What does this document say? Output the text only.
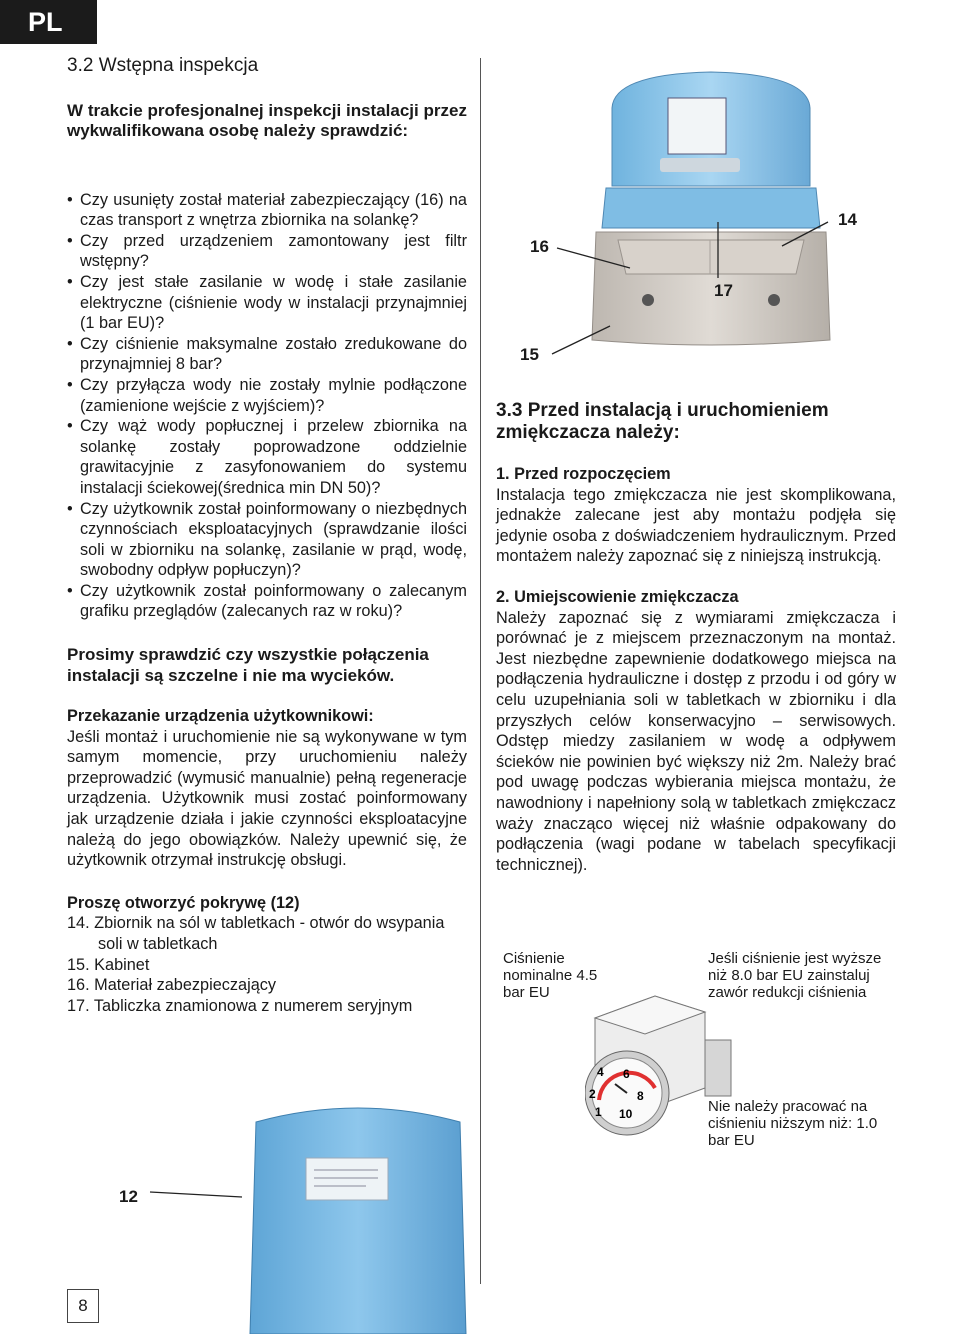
PL
3.2 Wstępna inspekcja

W trakcie profesjonalnej inspekcji instalacji przez wykwalifikowana osobę należy sprawdzić:

• Czy usunięty został materiał zabezpieczający (16) na czas transport z wnętrza zbiornika na solankę?
• Czy przed urządzeniem zamontowany jest filtr wstępny?
• Czy jest stałe zasilanie w wodę i stałe zasilanie elektryczne (ciśnienie wody w instalacji przynajmniej (1 bar EU)?
• Czy ciśnienie maksymalne zostało zredukowane do przynajmniej 8 bar?
• Czy przyłącza wody nie zostały mylnie podłączone (zamienione wejście z wyjściem)?
• Czy wąż wody popłucznej i przelew zbiornika na solankę zostały poprowadzone oddzielnie grawitacyjnie z zasyfonowaniem do systemu instalacji ściekowej(średnica min DN 50)?
• Czy użytkownik został poinformowany o niezbędnych czynnościach eksploatacyjnych (sprawdzanie ilości soli w zbiorniku na solankę, zasilanie w prąd, wodę, swobodny odpływ popłuczyn)?
• Czy użytkownik został poinformowany o zalecanym grafiku przeglądów (zalecanych raz w roku)?

Prosimy sprawdzić czy wszystkie połączenia instalacji są szczelne i nie ma wycieków.

Przekazanie urządzenia użytkownikowi:

Jeśli montaż i uruchomienie nie są wykonywane w tym samym momencie, przy uruchomieniu należy przeprowadzić (wymusić manualnie) pełną regeneracje urządzenia. Użytkownik musi zostać poinformowany jak urządzenie działa i jakie czynności eksploatacyjne należą do jego obowiązków. Należy upewnić się, że użytkownik otrzymał instrukcję obsługi.

Proszę otworzyć pokrywę (12)

14. Zbiornik na sól w tabletkach - otwór do wsypania soli w tabletkach
15. Kabinet
16. Materiał zabezpieczający
17. Tabliczka znamionowa z numerem seryjnym
14
16
17
15
12
3.3 Przed instalacją i uruchomieniem zmiękczacza należy:

1. Przed rozpoczęciem

Instalacja tego zmiękczacza nie jest skomplikowana, jednakże zalecane jest aby montażu podjęła się jedynie osoba z doświadczeniem hydraulicznym. Przed montażem należy zapoznać się z niniejszą instrukcją.

2. Umiejscowienie zmiękczacza

Należy zapoznać się z wymiarami zmiękczacza i porównać je z miejscem przeznaczonym na montaż. Jest niezbędne zapewnienie dodatkowego miejsca na podłączenia hydrauliczne i dostęp z przodu i od góry w celu uzupełniania soli w tabletkach w zbiorniku i dla przyszłych celów konserwacyjno – serwisowych. Odstęp miedzy zasilaniem w wodę a odpływem ścieków nie powinien być większy niż 2m. Należy brać pod uwagę podczas wybierania miejsca montażu, że nawodniony i napełniony solą w tabletkach zmiękczacz waży znacząco więcej niż właśnie odpakowany do podłączenia (wagi podane w tabelach specyfikacji technicznej).

Ciśnienie nominalne 4.5 bar EU
Jeśli ciśnienie jest wyższe niż 8.0 bar EU zainstaluj zawór redukcji ciśnienia
Nie należy pracować na ciśnieniu niższym niż: 1.0 bar EU
2
1
4 6
8
10
8
